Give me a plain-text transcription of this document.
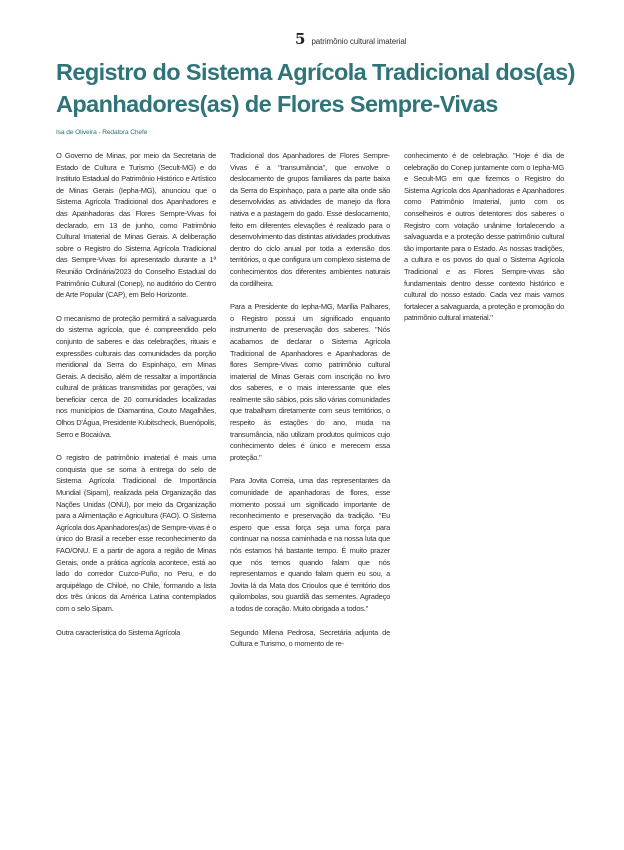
5 patrimônio cultural imaterial
Registro do Sistema Agrícola Tradicional dos(as) Apanhadores(as) de Flores Sempre-Vivas
Isa de Oliveira - Redatora Chefe

O Governo de Minas, por meio da Secretaria de Estado de Cultura e Turismo (Secult-MG) e do Instituto Estadual do Patrimônio Histórico e Artístico de Minas Gerais (Iepha-MG), anunciou que o Sistema Agrícola Tradicional dos Apanhadores e das Apanhadoras das Flores Sempre-Vivas foi declarado, em 13 de junho, como Patrimônio Cultural Imaterial de Minas Gerais. A deliberação sobre o Registro do Sistema Agrícola Tradicional das Sempre-Vivas foi apresentado durante a 1ª Reunião Ordinária/2023 do Conselho Estadual do Patrimônio Cultural (Conep), no auditório do Centro de Arte Popular (CAP), em Belo Horizonte.

O mecanismo de proteção permitirá a salvaguarda do sistema agrícola, que é compreendido pelo conjunto de saberes e das celebrações, rituais e expressões culturais das comunidades da porção meridional da Serra do Espinhaço, em Minas Gerais. A decisão, além de ressaltar a importância cultural de práticas transmitidas por gerações, vai beneficiar cerca de 20 comunidades localizadas nos municípios de Diamantina, Couto Magalhães, Olhos D'Água, Presidente Kubitscheck, Buenópolis, Serro e Bocaiúva.

O registro de patrimônio imaterial é mais uma conquista que se soma à entrega do selo de Sistema Agrícola Tradicional de Importância Mundial (Sipam), realizada pela Organização das Nações Unidas (ONU), por meio da Organização para a Alimentação e Agricultura (FAO). O Sistema Agrícola dos Apanhadores(as) de Sempre-vivas é o único do Brasil a receber esse reconhecimento da FAO/ONU. E a partir de agora a região de Minas Gerais, onde a prática agrícola acontece, está ao lado do corredor Cuzco-Puño, no Peru, e do arquipélago de Chiloé, no Chile, formando a lista dos três únicos da América Latina contemplados com o selo Sipam.

Outra característica do Sistema Agrícola

Tradicional dos Apanhadores de Flores Sempre-Vivas é a "transumância", que envolve o deslocamento de grupos familiares da parte baixa da Serra do Espinhaço, para a parte alta onde são desenvolvidas as atividades de manejo da flora nativa e a pastagem do gado. Esse deslocamento, feito em diferentes elevações é realizado para o desenvolvimento das distintas atividades produtivas dentro do ciclo anual por toda a extensão dos territórios, o que configura um complexo sistema de conhecimentos dos diferentes ambientes naturais da cordilheira.

Para a Presidente do Iepha-MG, Marília Palhares, o Registro possui um significado enquanto instrumento de preservação dos saberes. "Nós acabamos de declarar o Sistema Agrícola Tradicional de Apanhadores e Apanhadoras de flores Sempre-Vivas como patrimônio cultural imaterial de Minas Gerais com inscrição no livro dos saberes, e o mais interessante que eles realmente são sábios, pois são várias comunidades que trabalham diretamente com seus territórios, o respeito às estações do ano, muda na transumância, não utilizam produtos químicos cujo conhecimento deles é único e merecem essa proteção."

Para Jovita Correia, uma das representantes da comunidade de apanhadoras de flores, esse momento possui um significado importante de reconhecimento e preservação da tradição. "Eu espero que essa força seja uma força para continuar na nossa caminhada e na nossa luta que nós estamos há bastante tempo. É muito prazer que nós temos quando falam que nós representamos e quando falam quem eu sou, a Jovita lá da Mata dos Crioulos que é território dos quilombolas, sou guardiã das sementes. Agradeço a todos de coração. Muito obrigada a todos."

Segundo Milena Pedrosa, Secretária adjunta de Cultura e Turismo, o momento de re-

conhecimento é de celebração. "Hoje é dia de celebração do Conep juntamente com o Iepha-MG e Secult-MG em que fizemos o Registro do Sistema Agrícola dos Apanhadoras e Apanhadores como Patrimônio Imaterial, junto com os conselheiros e outros detentores dos saberes o Registro com votação unânime fortalecendo a salvaguarda e a proteção desse patrimônio cultural tão importante para o Estado. As nossas tradições, a cultura e os povos do qual o Sistema Agrícola Tradicional e as Flores Sempre-vivas são fundamentais dentro desse contexto histórico e cultural do nosso estado. Cada vez mais vamos fortalecer a salvaguarda, a proteção e promoção do patrimônio cultural imaterial."
